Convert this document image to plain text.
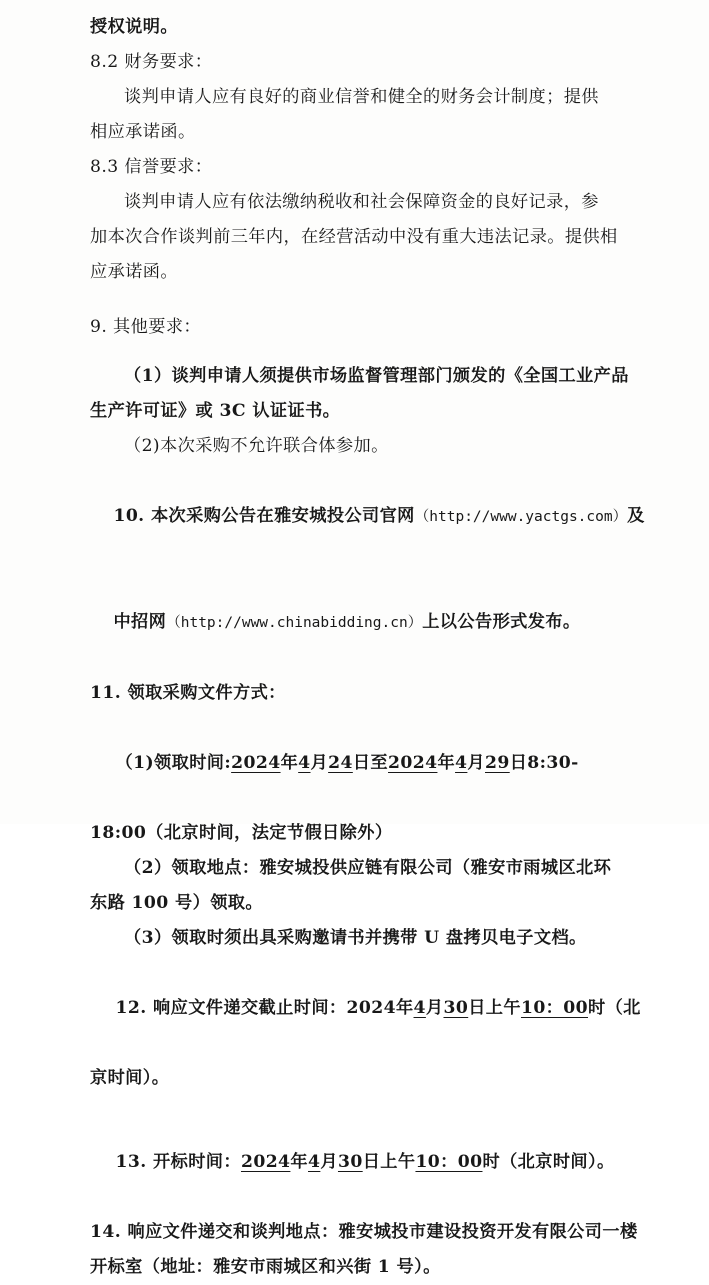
授权说明。
8.2 财务要求：
谈判申请人应有良好的商业信誉和健全的财务会计制度；提供
相应承诺函。
8.3 信誉要求：
谈判申请人应有依法缴纳税收和社会保障资金的良好记录，参
加本次合作谈判前三年内，在经营活动中没有重大违法记录。提供相
应承诺函。
9. 其他要求：
（1）谈判申请人须提供市场监督管理部门颁发的《全国工业产品
生产许可证》或 3C 认证证书。
（2)本次采购不允许联合体参加。

10. 本次采购公告在雅安城投公司官网（http://www.yactgs.com）及

中招网（http://www.chinabidding.cn）上以公告形式发布。

11. 领取采购文件方式：

（1)领取时间:2024年4月24日至2024年4月29日8:30-

18:00（北京时间，法定节假日除外）
（2）领取地点：雅安城投供应链有限公司（雅安市雨城区北环
东路 100 号）领取。
（3）领取时须出具采购邀请书并携带 U 盘拷贝电子文档。

12. 响应文件递交截止时间：2024年4月30日上午10：00时（北

京时间）。

13. 开标时间：2024年4月30日上午10：00时（北京时间）。

14. 响应文件递交和谈判地点：雅安城投市建设投资开发有限公司一楼
开标室（地址：雅安市雨城区和兴街 1 号）。
